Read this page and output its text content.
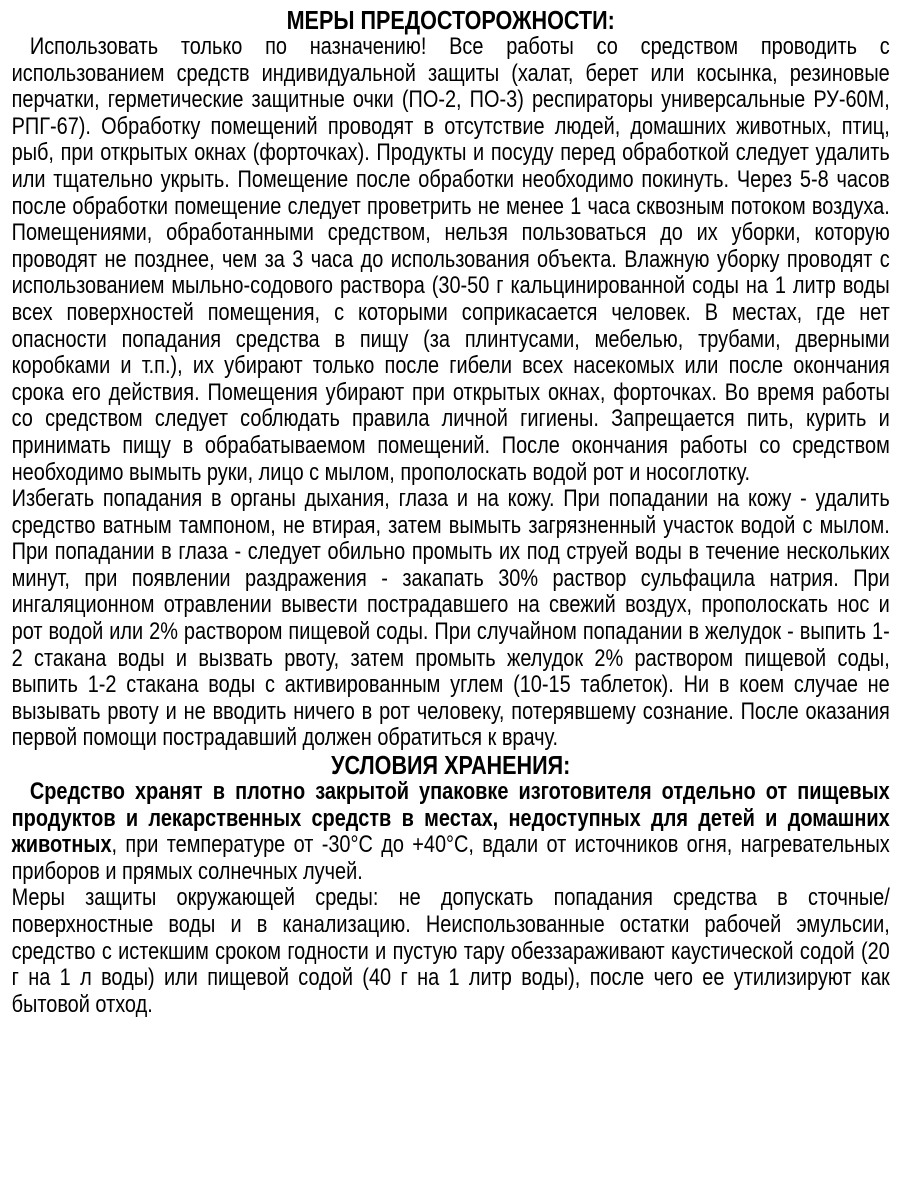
МЕРЫ ПРЕДОСТОРОЖНОСТИ:

Использовать только по назначению! Все работы со средством проводить с использованием средств индивидуальной защиты (халат, берет или косынка, резиновые перчатки, герметические защитные очки (ПО-2, ПО-3) респираторы универсальные РУ-60М, РПГ-67). Обработку помещений проводят в отсутствие людей, домашних животных, птиц, рыб, при открытых окнах (форточках). Продукты и посуду перед обработкой следует удалить или тщательно укрыть. Помещение после обработки необходимо покинуть. Через 5-8 часов после обработки помещение следует проветрить не менее 1 часа сквозным потоком воздуха. Помещениями, обработанными средством, нельзя пользоваться до их уборки, которую проводят не позднее, чем за 3 часа до использования объекта. Влажную уборку проводят с использованием мыльно-содового раствора (30-50 г кальцинированной соды на 1 литр воды всех поверхностей помещения, с которыми соприкасается человек. В местах, где нет опасности попадания средства в пищу (за плинтусами, мебелью, трубами, дверными коробками и т.п.), их убирают только после гибели всех насекомых или после окончания срока его действия. Помещения убирают при открытых окнах, форточках. Во время работы со средством следует соблюдать правила личной гигиены. Запрещается пить, курить и принимать пищу в обрабатываемом помещений. После окончания работы со средством необходимо вымыть руки, лицо с мылом, прополоскать водой рот и носоглотку.

Избегать попадания в органы дыхания, глаза и на кожу. При попадании на кожу - удалить средство ватным тампоном, не втирая, затем вымыть загрязненный участок водой с мылом. При попадании в глаза - следует обильно промыть их под струей воды в течение нескольких минут, при появлении раздражения - закапать 30% раствор сульфацила натрия. При ингаляционном отравлении вывести пострадавшего на свежий воздух, прополоскать нос и рот водой или 2% раствором пищевой соды. При случайном попадании в желудок - выпить 1-2 стакана воды и вызвать рвоту, затем промыть желудок 2% раствором пищевой соды, выпить 1-2 стакана воды с активированным углем (10-15 таблеток). Ни в коем случае не вызывать рвоту и не вводить ничего в рот человеку, потерявшему сознание. После оказания первой помощи пострадавший должен обратиться к врачу.

УСЛОВИЯ ХРАНЕНИЯ:

Средство хранят в плотно закрытой упаковке изготовителя отдельно от пищевых продуктов и лекарственных средств в местах, недоступных для детей и домашних животных, при температуре от -30°С до +40°С, вдали от источников огня, нагревательных приборов и прямых солнечных лучей.

Меры защиты окружающей среды: не допускать попадания средства в сточные/поверхностные воды и в канализацию. Неиспользованные остатки рабочей эмульсии, средство с истекшим сроком годности и пустую тару обеззараживают каустической содой (20 г на 1 л воды) или пищевой содой (40 г на 1 литр воды), после чего ее утилизируют как бытовой отход.
